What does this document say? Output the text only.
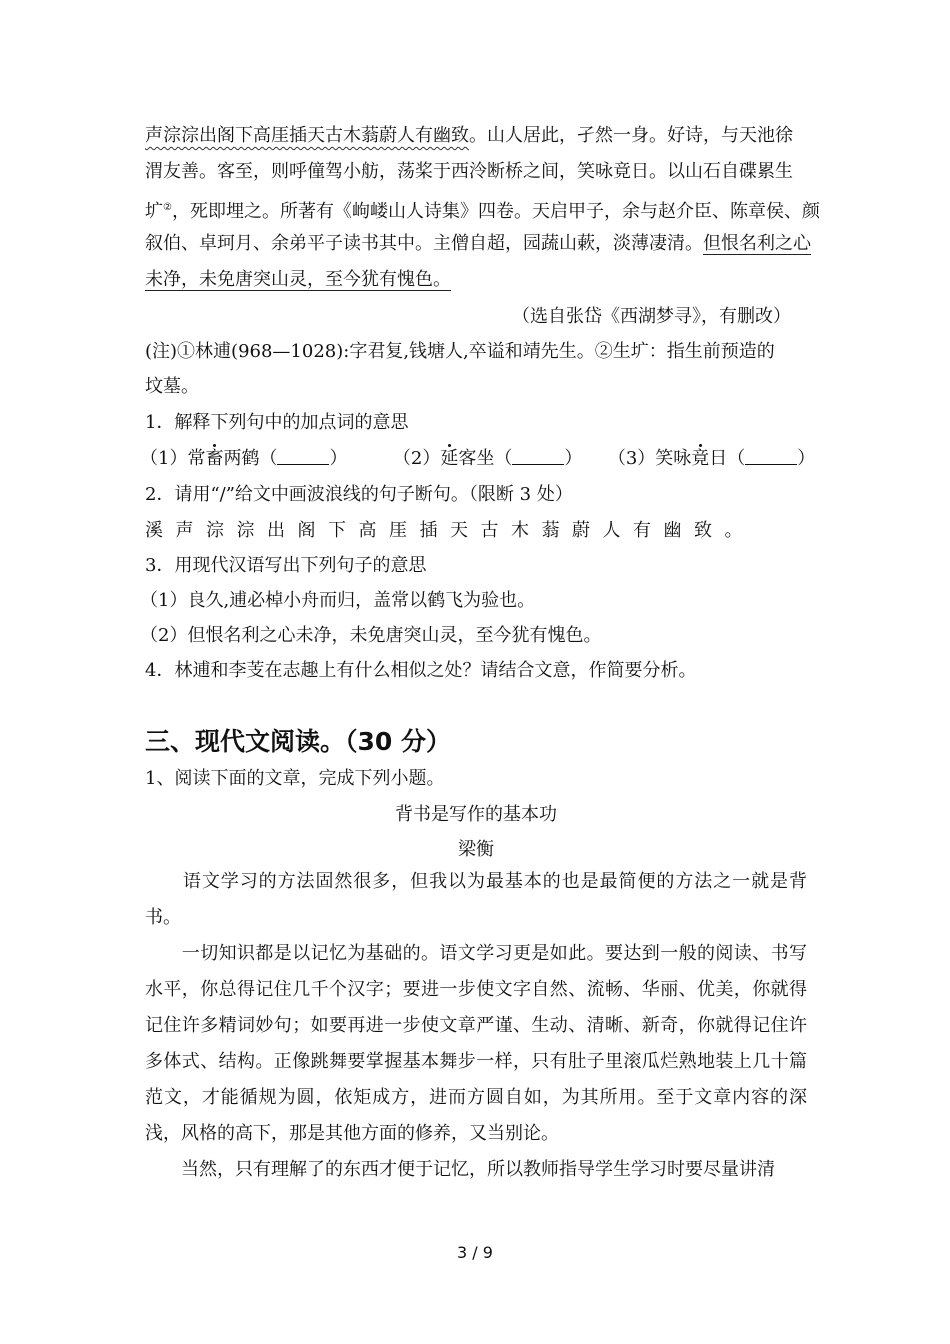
声淙淙出阁下高厓插天古木蓊蔚人有幽致。山人居此，孑然一身。好诗，与天池徐
渭友善。客至，则呼僮驾小舫，荡桨于西泠断桥之间，笑咏竟日。以山石自碟累生
圹②，死即埋之。所著有《岣嵝山人诗集》四卷。天启甲子，余与赵介臣、陈章侯、颜
叙伯、卓珂月、余弟平子读书其中。主僧自超，园蔬山蔌，淡薄凄清。但恨名利之心
未净，未免唐突山灵，至今犹有愧色。
（选自张岱《西湖梦寻》，有删改）
(注)①林逋(968—1028):字君复,钱塘人,卒谥和靖先生。②生圹：指生前预造的
坟墓。
1．解释下列句中的加点词的意思
（1）常畜两鹤（	）	（2）延客坐（	） （3）笑咏竟日（	）
2．请用“/”给文中画波浪线的句子断句。（限断 3 处）
溪声淙淙出阁下高厓插天古木蓊蔚人有幽致。
3．用现代汉语写出下列句子的意思
（1）良久,逋必棹小舟而归，盖常以鹤飞为验也。
（2）但恨名利之心未净，未免唐突山灵，至今犹有愧色。
4．林逋和李芰在志趣上有什么相似之处？请结合文意，作简要分析。
三、现代文阅读。（30 分）
1、阅读下面的文章，完成下列小题。
背书是写作的基本功
梁衡
　　语文学习的方法固然很多，但我以为最基本的也是最简便的方法之一就是背书。
　　一切知识都是以记忆为基础的。语文学习更是如此。要达到一般的阅读、书写水平，你总得记住几千个汉字；要进一步使文字自然、流畅、华丽、优美，你就得记住许多精词妙句；如要再进一步使文章严谨、生动、清晰、新奇，你就得记住许多体式、结构。正像跳舞要掌握基本舞步一样，只有肚子里滚瓜烂熟地装上几十篇范文，才能循规为圆，依矩成方，进而方圆自如，为其所用。至于文章内容的深浅，风格的高下，那是其他方面的修养，又当别论。
　　当然，只有理解了的东西才便于记忆，所以教师指导学生学习时要尽量讲清
3 / 9
